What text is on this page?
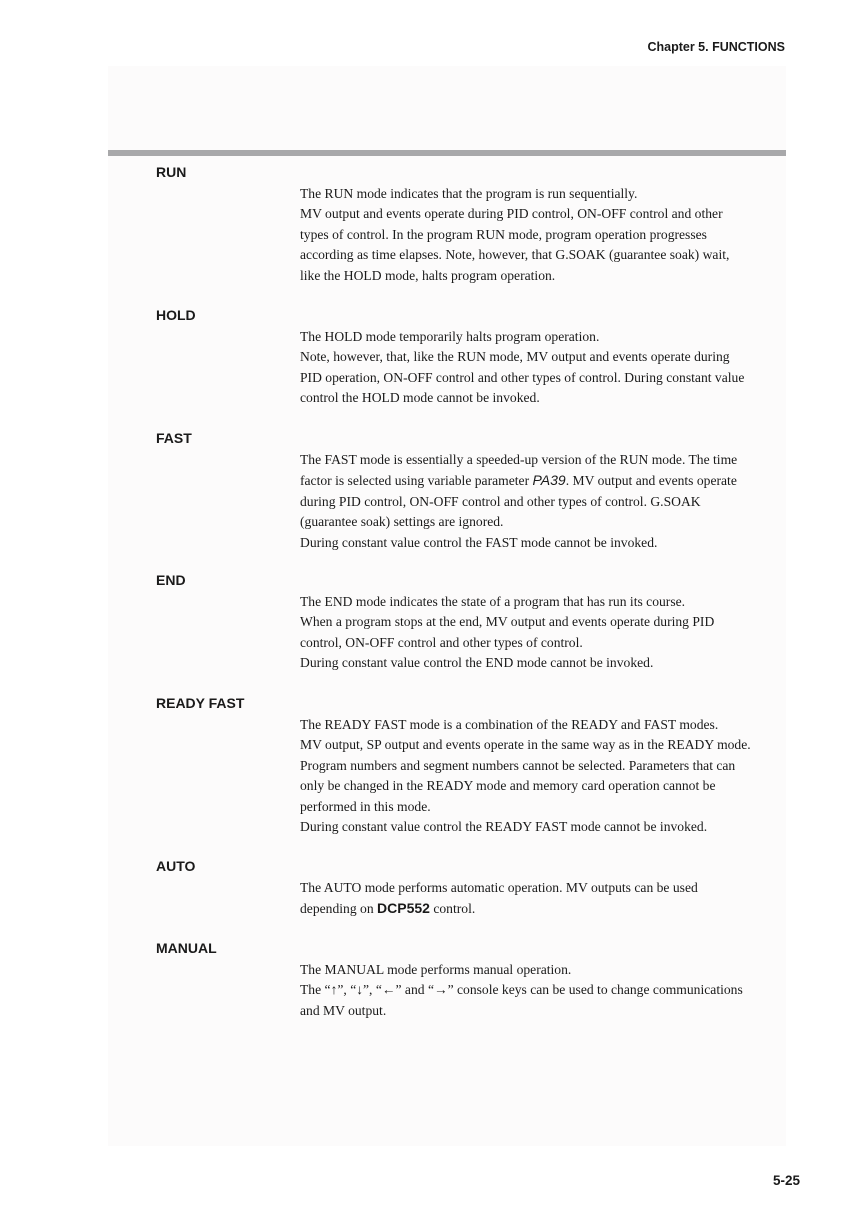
Chapter 5. FUNCTIONS
RUN
The RUN mode indicates that the program is run sequentially.
MV output and events operate during PID control, ON-OFF control and other
types of control. In the program RUN mode, program operation progresses
according as time elapses. Note, however, that G.SOAK (guarantee soak) wait,
like the HOLD mode, halts program operation.
HOLD
The HOLD mode temporarily halts program operation.
Note, however, that, like the RUN mode, MV output and events operate during
PID operation, ON-OFF control and other types of control. During constant value
control the HOLD mode cannot be invoked.
FAST
The FAST mode is essentially a speeded-up version of the RUN mode. The time
factor is selected using variable parameter PA39. MV output and events operate
during PID control, ON-OFF control and other types of control. G.SOAK
(guarantee soak) settings are ignored.
During constant value control the FAST mode cannot be invoked.
END
The END mode indicates the state of a program that has run its course.
When a program stops at the end, MV output and events operate during PID
control, ON-OFF control and other types of control.
During constant value control the END mode cannot be invoked.
READY FAST
The READY FAST mode is a combination of the READY and FAST modes.
MV output, SP output and events operate in the same way as in the READY mode.
Program numbers and segment numbers cannot be selected. Parameters that can
only be changed in the READY mode and memory card operation cannot be
performed in this mode.
During constant value control the READY FAST mode cannot be invoked.
AUTO
The AUTO mode performs automatic operation. MV outputs can be used
depending on DCP552 control.
MANUAL
The MANUAL mode performs manual operation.
The “↑”, “↓”, “←” and “→” console keys can be used to change communications
and MV output.
5-25
